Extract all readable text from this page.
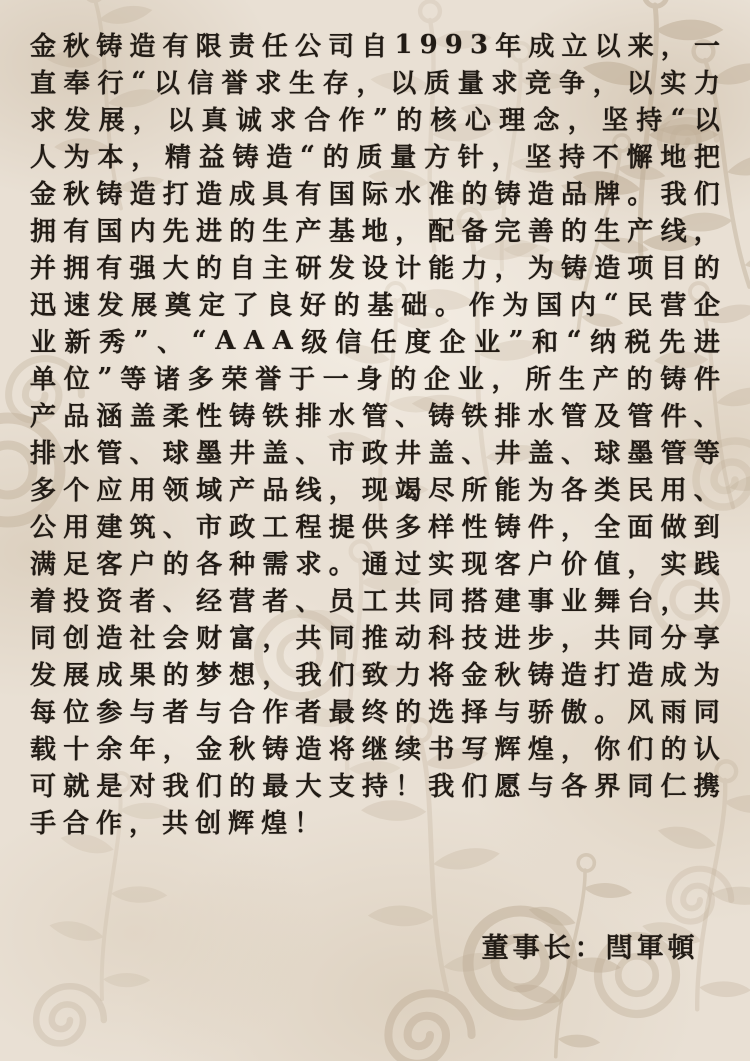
金 秋 铸 造 有 限 责 任 公 司 自 1 9 9 3 年 成 立 以 来 ， 一
直 奉 行 “ 以 信 誉 求 生 存 ， 以 质 量 求 竞 争 ， 以 实 力
求 发 展 ， 以 真 诚 求 合 作 ” 的 核 心 理 念 ， 坚 持 “ 以
人 为 本 ， 精 益 铸 造 “ 的 质 量 方 针 ， 坚 持 不 懈 地 把
金 秋 铸 造 打 造 成 具 有 国 际 水 准 的 铸 造 品 牌 。 我 们
拥 有 国 内 先 进 的 生 产 基 地 ， 配 备 完 善 的 生 产 线 ，
并 拥 有 强 大 的 自 主 研 发 设 计 能 力 ， 为 铸 造 项 目 的
迅 速 发 展 奠 定 了 良 好 的 基 础 。 作 为 国 内 “ 民 营 企
业 新 秀 ” 、 “ A A A 级 信 任 度 企 业 ” 和 “ 纳 税 先 进
单 位 ” 等 诸 多 荣 誉 于 一 身 的 企 业 ， 所 生 产 的 铸 件
产 品 涵 盖 柔 性 铸 铁 排 水 管 、 铸 铁 排 水 管 及 管 件 、
排 水 管 、 球 墨 井 盖 、 市 政 井 盖 、 井 盖 、 球 墨 管 等
多 个 应 用 领 域 产 品 线 ， 现 竭 尽 所 能 为 各 类 民 用 、
公 用 建 筑 、 市 政 工 程 提 供 多 样 性 铸 件 ， 全 面 做 到
满 足 客 户 的 各 种 需 求 。 通 过 实 现 客 户 价 值 ， 实 践
着 投 资 者 、 经 营 者 、 员 工 共 同 搭 建 事 业 舞 台 ， 共
同 创 造 社 会 财 富 ， 共 同 推 动 科 技 进 步 ， 共 同 分 享
发 展 成 果 的 梦 想 ， 我 们 致 力 将 金 秋 铸 造 打 造 成 为
每 位 参 与 者 与 合 作 者 最 终 的 选 择 与 骄 傲 。 风 雨 同
载 十 余 年 ， 金 秋 铸 造 将 继 续 书 写 辉 煌 ， 你 们 的 认
可 就 是 对 我 们 的 最 大 支 持 ！ 我 们 愿 与 各 界 同 仁 携
手 合 作 ， 共 创 辉 煌 ！

董事长：閆軍頓
